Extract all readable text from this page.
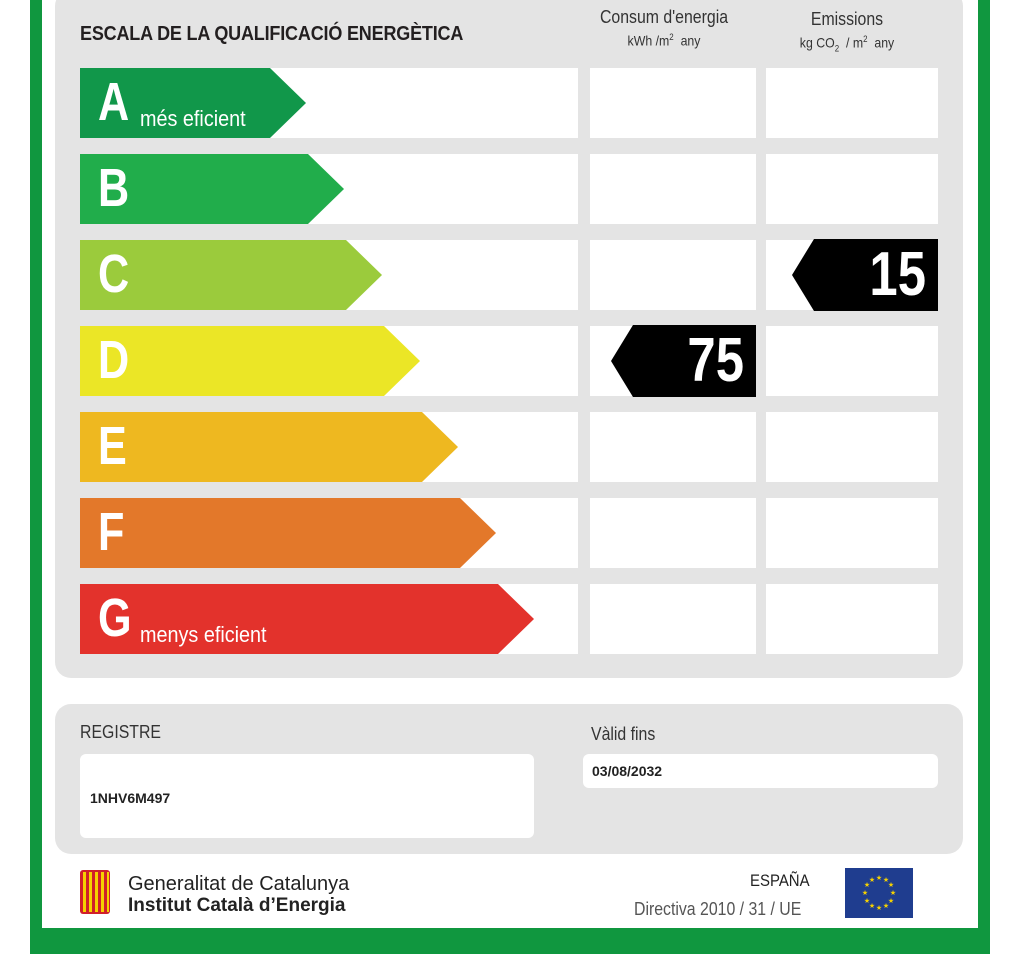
ESCALA DE LA QUALIFICACIÓ ENERGÈTICA
Consum d'energia
kWh $/m^2$  any
Emissions
kg $CO_2 / m^2$  any
A més eficient
B
C
D
E
F
G menys eficient
75
15
REGISTRE
1NHV6M497
Vàlid fins
03/08/2032
Generalitat de Catalunya
Institut Català d’Energia
ESPAÑA
Directiva 2010 / 31 / UE
★ ★
★
★
★
★
★
★
★
★
★
★
